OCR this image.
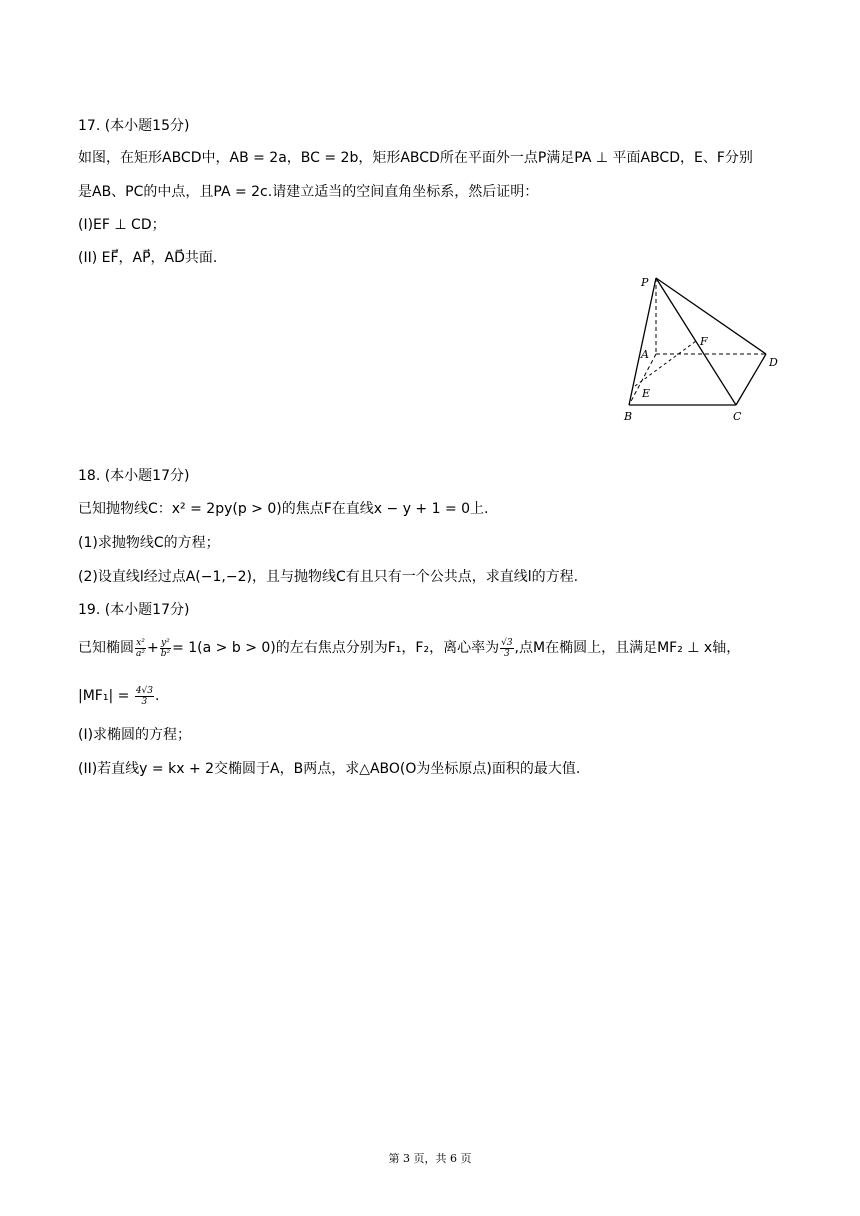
17. (本小题15分)
如图，在矩形ABCD中，AB = 2a，BC = 2b，矩形ABCD所在平面外一点P满足PA ⊥ 平面ABCD，E、F分别
是AB、PC的中点，且PA = 2c.请建立适当的空间直角坐标系，然后证明：
(I)EF ⊥ CD；
(II) EF⃗，AP⃗，AD⃗共面.
P
A
F
D
E
B	C
18. (本小题17分)
已知抛物线C：x² = 2py(p > 0)的焦点F在直线x − y + 1 = 0上.
(1)求抛物线C的方程；
(2)设直线l经过点A(−1,−2)，且与抛物线C有且只有一个公共点，求直线l的方程.
19. (本小题17分)
已知椭圆 $\frac{\text{x²}}{\text{a²}} + \frac{\text{y²}}{\text{b²}} = 1(a > b > 0)$的左右焦点分别为F₁，F₂，离心率为 $\frac{√3}{3}$ ,点M在椭圆上，且满足MF₂ ⊥ x轴，
$|MF_1| = \frac{4√3}{3}$ .
(I)求椭圆的方程；
(II)若直线y = kx + 2交椭圆于A，B两点，求△ABO(O为坐标原点)面积的最大值.
第 3 页，共 6 页
